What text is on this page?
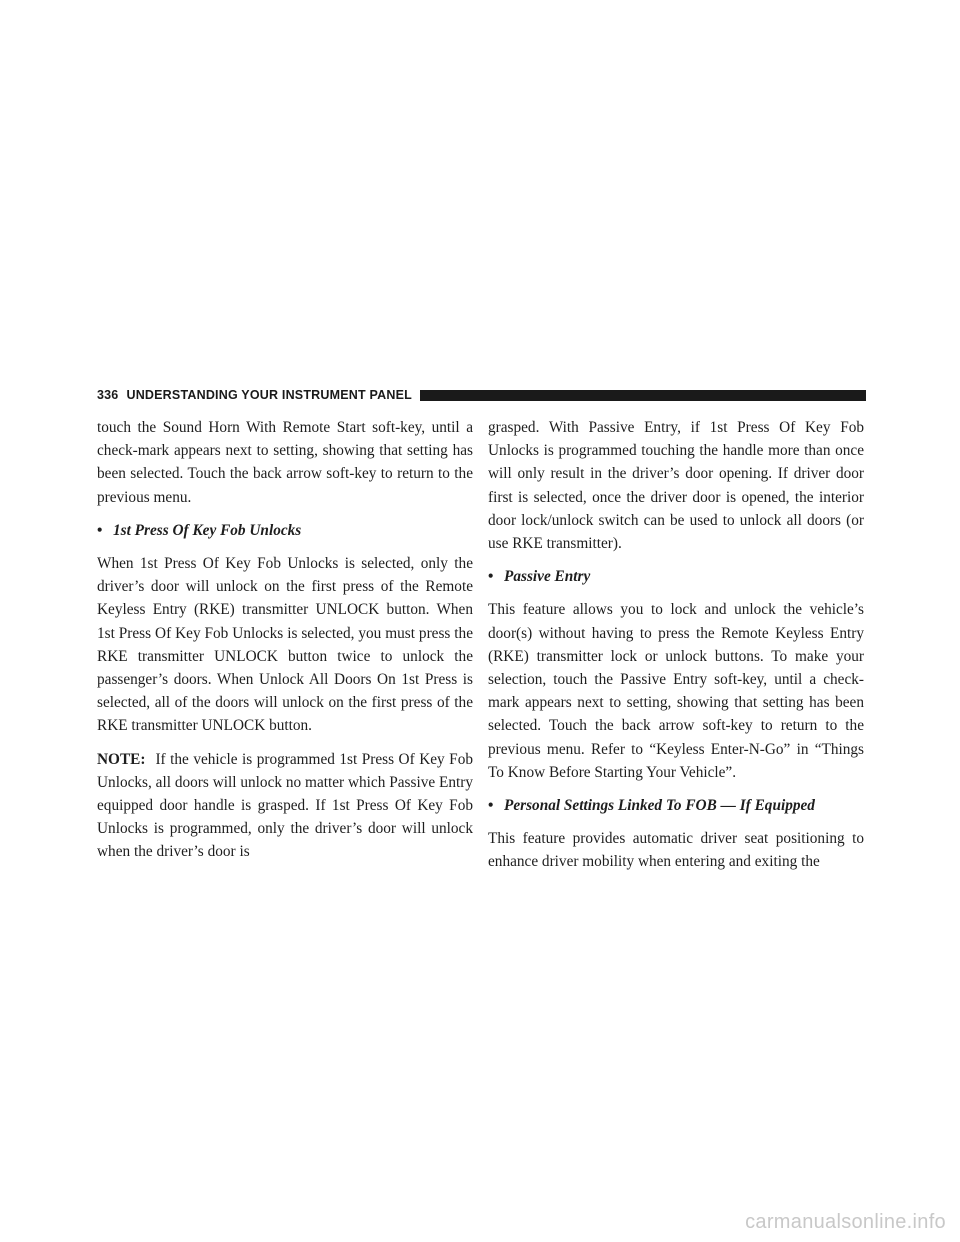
336 UNDERSTANDING YOUR INSTRUMENT PANEL

touch the Sound Horn With Remote Start soft-key, until a check-mark appears next to setting, showing that setting has been selected. Touch the back arrow soft-key to return to the previous menu.

• 1st Press Of Key Fob Unlocks

When 1st Press Of Key Fob Unlocks is selected, only the driver’s door will unlock on the first press of the Remote Keyless Entry (RKE) transmitter UNLOCK button. When 1st Press Of Key Fob Unlocks is selected, you must press the RKE transmitter UNLOCK button twice to unlock the passenger’s doors. When Unlock All Doors On 1st Press is selected, all of the doors will unlock on the first press of the RKE transmitter UNLOCK button.

NOTE: If the vehicle is programmed 1st Press Of Key Fob Unlocks, all doors will unlock no matter which Passive Entry equipped door handle is grasped. If 1st Press Of Key Fob Unlocks is programmed, only the driver’s door will unlock when the driver’s door is

grasped. With Passive Entry, if 1st Press Of Key Fob Unlocks is programmed touching the handle more than once will only result in the driver’s door opening. If driver door first is selected, once the driver door is opened, the interior door lock/unlock switch can be used to unlock all doors (or use RKE transmitter).

• Passive Entry

This feature allows you to lock and unlock the vehicle’s door(s) without having to press the Remote Keyless Entry (RKE) transmitter lock or unlock buttons. To make your selection, touch the Passive Entry soft-key, until a check-mark appears next to setting, showing that setting has been selected. Touch the back arrow soft-key to return to the previous menu. Refer to “Keyless Enter-N-Go” in “Things To Know Before Starting Your Vehicle”.

• Personal Settings Linked To FOB — If Equipped

This feature provides automatic driver seat positioning to enhance driver mobility when entering and exiting the

carmanualsonline.info
